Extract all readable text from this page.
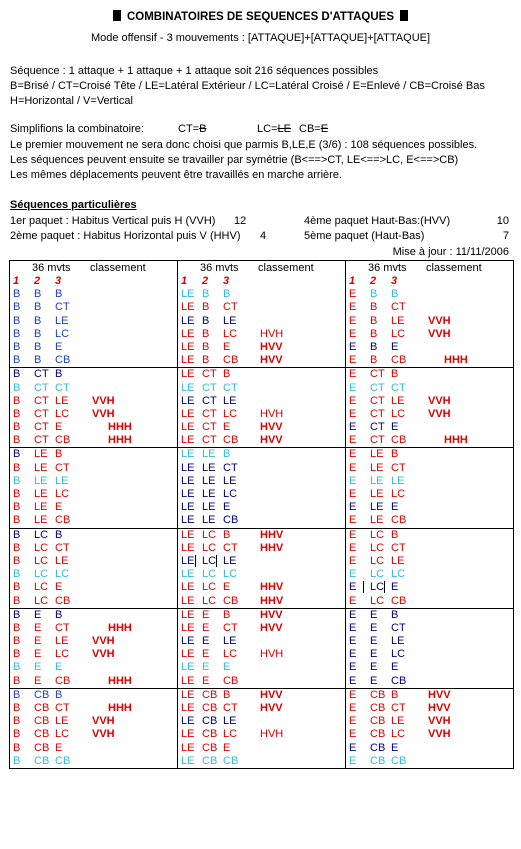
COMBINATOIRES DE SEQUENCES D'ATTAQUES
Mode offensif - 3 mouvements : [ATTAQUE]+[ATTAQUE]+[ATTAQUE]
Séquence : 1 attaque + 1 attaque + 1 attaque soit 216 séquences possibles
B=Brisé / CT=Croisé Tête / LE=Latéral Extérieur / LC=Latéral Croisé / E=Enlevé / CB=Croisé Bas
H=Horizontal / V=Vertical
Simplifions la combinatoire:	CT=B	LC=LE CB=E
Le premier mouvement ne sera donc choisi que parmis B,LE,E (3/6) : 108 séquences possibles.
Les séquences peuvent ensuite se travailler par symétrie (B<==>CT, LE<==>LC, E<==>CB)
Les mêmes déplacements peuvent être travaillés en marche arrière.
Séquences particulières
1er paquet : Habitus Vertical puis H (VVH) 12
2ème paquet : Habitus Horizontal puis V (HHV) 4
4ème paquet Haut-Bas:(HVV)	10
5ème paquet (Haut-Bas)	7
Mise à jour : 11/11/2006
36 mvts classement
1 2 3
B B B
B B CT
B B LE
B B LC
B B E
B B CB
B CT B
B CT CT
B CT LE VVH
B CT LC VVH
B CT E	HHH
B CT CB	HHH
B LE B
B LE CT
B LE LE
B LE LC
B LE E
B LE CB
B LC B
B LC CT
B LC LE
B LC LC
B LC E
B LC CB
B E B
B E CT	HHH
B E LE VVH
B E LC VVH
B E E
B E CB	HHH
B CB B
B CB CT	HHH
B CB LE VVH
B CB LC VVH
B CB E
B CB CB

36 mvts classement
1 2 3
LE B B
LE B CT
LE B LE
LE B LC HVH
LE B E	HVV
LE B CB HVV
LE CT B
LE CT CT
LE CT LE
LE CT LC HVH
LE CT E	HVV
LE CT CB HVV
LE LE B
LE LE CT
LE LE LE
LE LE LC
LE LE E
LE LE CB
LE LC B	HHV
LE LC CT HHV
LE LC LE
LE LC LC
LE LC E	HHV
LE LC CB HHV
LE E B	HVV
LE E CT HVV
LE E LE
LE E LC HVH
LE E E
LE E CB
LE CB B	HVV
LE CB CT HVV
LE CB LE
LE CB LC HVH
LE CB E
LE CB CB

36 mvts classement
1 2 3
E B B
E B CT
E B LE VVH
E B LC VVH
E B E
E B CB	HHH
E CT B
E CT CT
E CT LE VVH
E CT LC VVH
E CT E
E CT CB	HHH
E LE B
E LE CT
E LE LE
E LE LC
E LE E
E LE CB
E LC B
E LC CT
E LC LE
E LC LC
E LC E
E LC CB
E E B
E E CT
E E LE
E E LC
E E E
E E CB
E CB B	HVV
E CB CT HVV
E CB LE VVH
E CB LC VVH
E CB E
E CB CB
